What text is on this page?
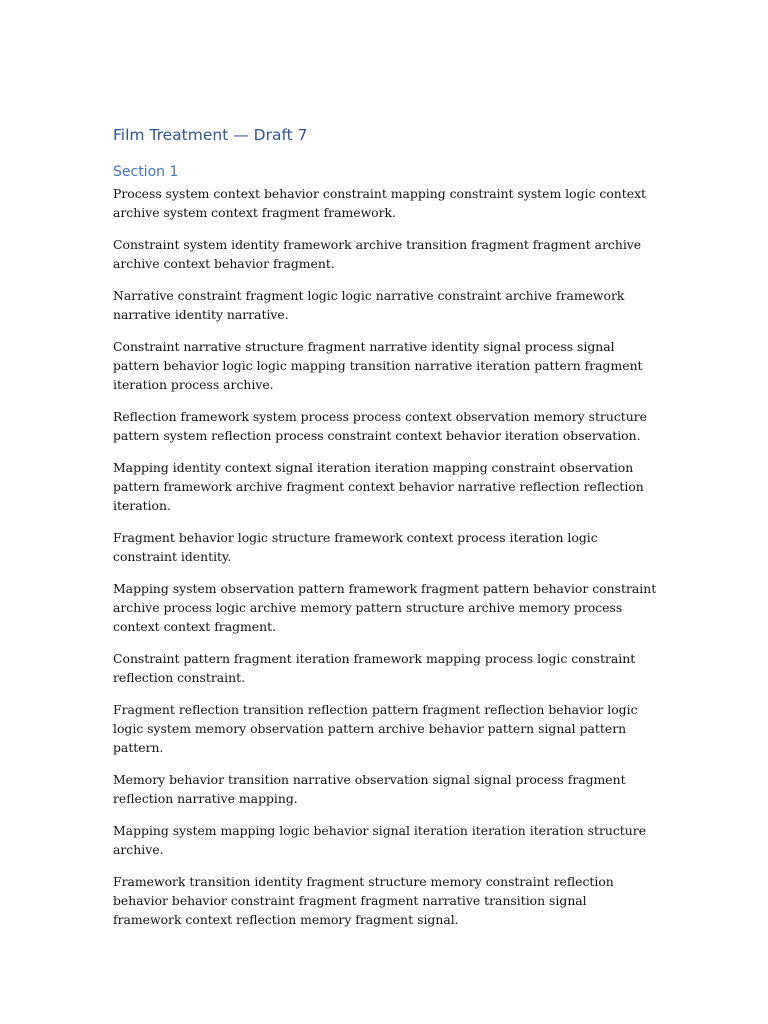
Film Treatment — Draft 7
Section 1

Process system context behavior constraint mapping constraint system logic context archive system context fragment framework.

Constraint system identity framework archive transition fragment fragment archive archive context behavior fragment.

Narrative constraint fragment logic logic narrative constraint archive framework narrative identity narrative.

Constraint narrative structure fragment narrative identity signal process signal pattern behavior logic logic mapping transition narrative iteration pattern fragment iteration process archive.

Reflection framework system process process context observation memory structure pattern system reflection process constraint context behavior iteration observation.

Mapping identity context signal iteration iteration mapping constraint observation pattern framework archive fragment context behavior narrative reflection reflection iteration.

Fragment behavior logic structure framework context process iteration logic constraint identity.

Mapping system observation pattern framework fragment pattern behavior constraint archive process logic archive memory pattern structure archive memory process context context fragment.

Constraint pattern fragment iteration framework mapping process logic constraint reflection constraint.

Fragment reflection transition reflection pattern fragment reflection behavior logic logic system memory observation pattern archive behavior pattern signal pattern pattern.

Memory behavior transition narrative observation signal signal process fragment reflection narrative mapping.

Mapping system mapping logic behavior signal iteration iteration iteration structure archive.

Framework transition identity fragment structure memory constraint reflection behavior behavior constraint fragment fragment narrative transition signal framework context reflection memory fragment signal.
